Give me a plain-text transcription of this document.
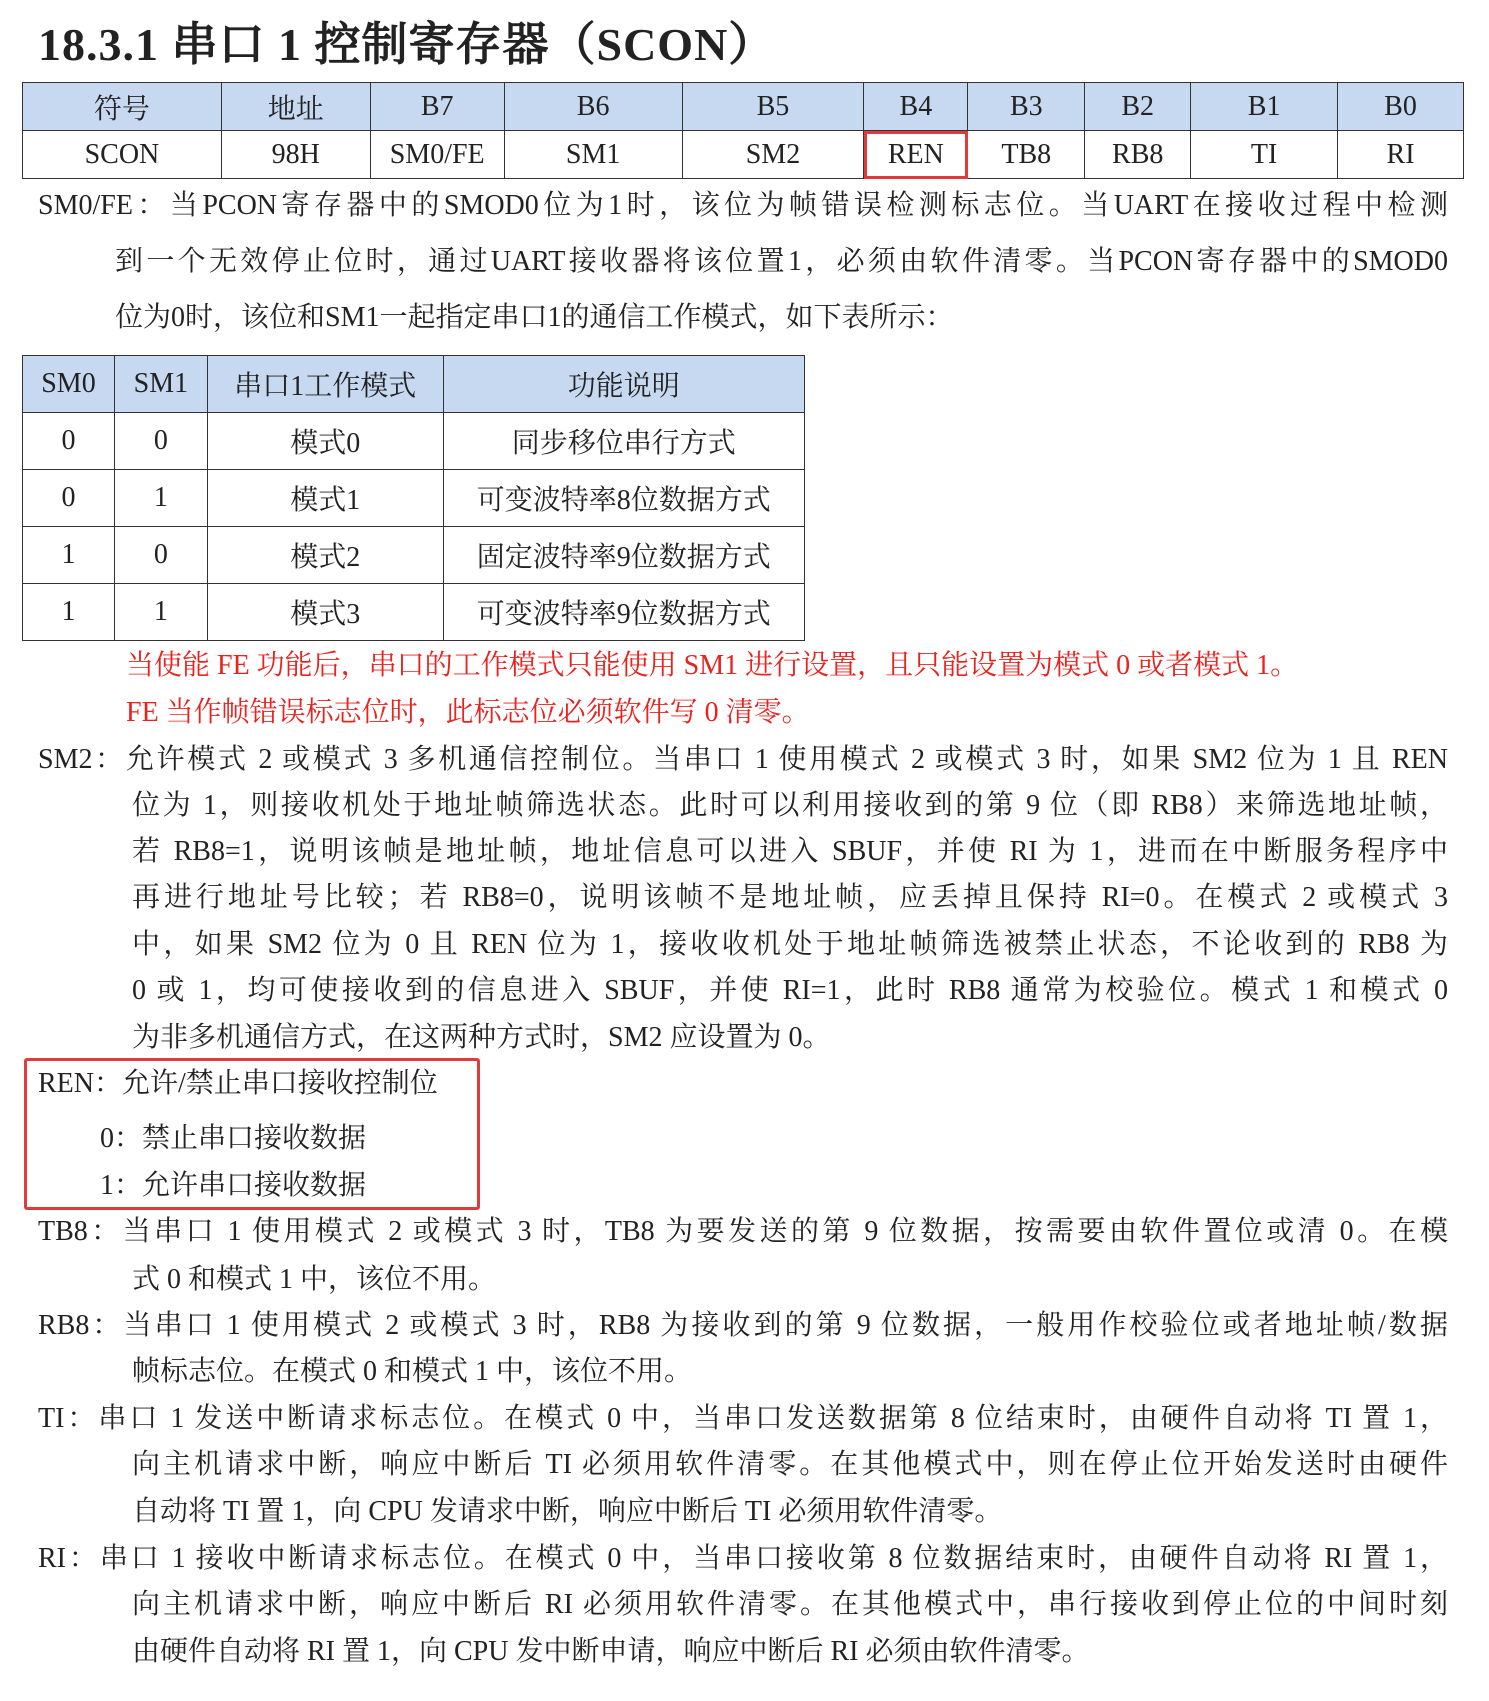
18.3.1 串口 1 控制寄存器（SCON）
符号	地址	B7	B6	B5	B4	B3	B2	B1	B0
SCON	98H	SM0/FE	SM1	SM2	REN	TB8	RB8	TI	RI
SM0	SM1	串口1工作模式	功能说明
0	0	模式0	同步移位串行方式
0	1	模式1	可变波特率8位数据方式
1	0	模式2	固定波特率9位数据方式
1	1	模式3	可变波特率9位数据方式
SM0/FE：当PCON寄存器中的SMOD0位为1时，该位为帧错误检测标志位。当UART在接收过程中检测
到一个无效停止位时，通过UART接收器将该位置1，必须由软件清零。当PCON寄存器中的SMOD0
位为0时，该位和SM1一起指定串口1的通信工作模式，如下表所示：
当使能 FE 功能后，串口的工作模式只能使用 SM1 进行设置，且只能设置为模式 0 或者模式 1。
FE 当作帧错误标志位时，此标志位必须软件写 0 清零。
SM2：允许模式 2 或模式 3 多机通信控制位。当串口 1 使用模式 2 或模式 3 时，如果 SM2 位为 1 且 REN
位为 1，则接收机处于地址帧筛选状态。此时可以利用接收到的第 9 位（即 RB8）来筛选地址帧，
若 RB8=1，说明该帧是地址帧，地址信息可以进入 SBUF，并使 RI 为 1，进而在中断服务程序中
再进行地址号比较；若 RB8=0，说明该帧不是地址帧，应丢掉且保持 RI=0。在模式 2 或模式 3
中，如果 SM2 位为 0 且 REN 位为 1，接收收机处于地址帧筛选被禁止状态，不论收到的 RB8 为
0 或 1，均可使接收到的信息进入 SBUF，并使 RI=1，此时 RB8 通常为校验位。模式 1 和模式 0
为非多机通信方式，在这两种方式时，SM2 应设置为 0。
REN：允许/禁止串口接收控制位
0：禁止串口接收数据
1：允许串口接收数据
TB8：当串口 1 使用模式 2 或模式 3 时，TB8 为要发送的第 9 位数据，按需要由软件置位或清 0。在模
式 0 和模式 1 中，该位不用。
RB8：当串口 1 使用模式 2 或模式 3 时，RB8 为接收到的第 9 位数据，一般用作校验位或者地址帧/数据
帧标志位。在模式 0 和模式 1 中，该位不用。
TI：串口 1 发送中断请求标志位。在模式 0 中，当串口发送数据第 8 位结束时，由硬件自动将 TI 置 1，
向主机请求中断，响应中断后 TI 必须用软件清零。在其他模式中，则在停止位开始发送时由硬件
自动将 TI 置 1，向 CPU 发请求中断，响应中断后 TI 必须用软件清零。
RI：串口 1 接收中断请求标志位。在模式 0 中，当串口接收第 8 位数据结束时，由硬件自动将 RI 置 1，
向主机请求中断，响应中断后 RI 必须用软件清零。在其他模式中，串行接收到停止位的中间时刻
由硬件自动将 RI 置 1，向 CPU 发中断申请，响应中断后 RI 必须由软件清零。
